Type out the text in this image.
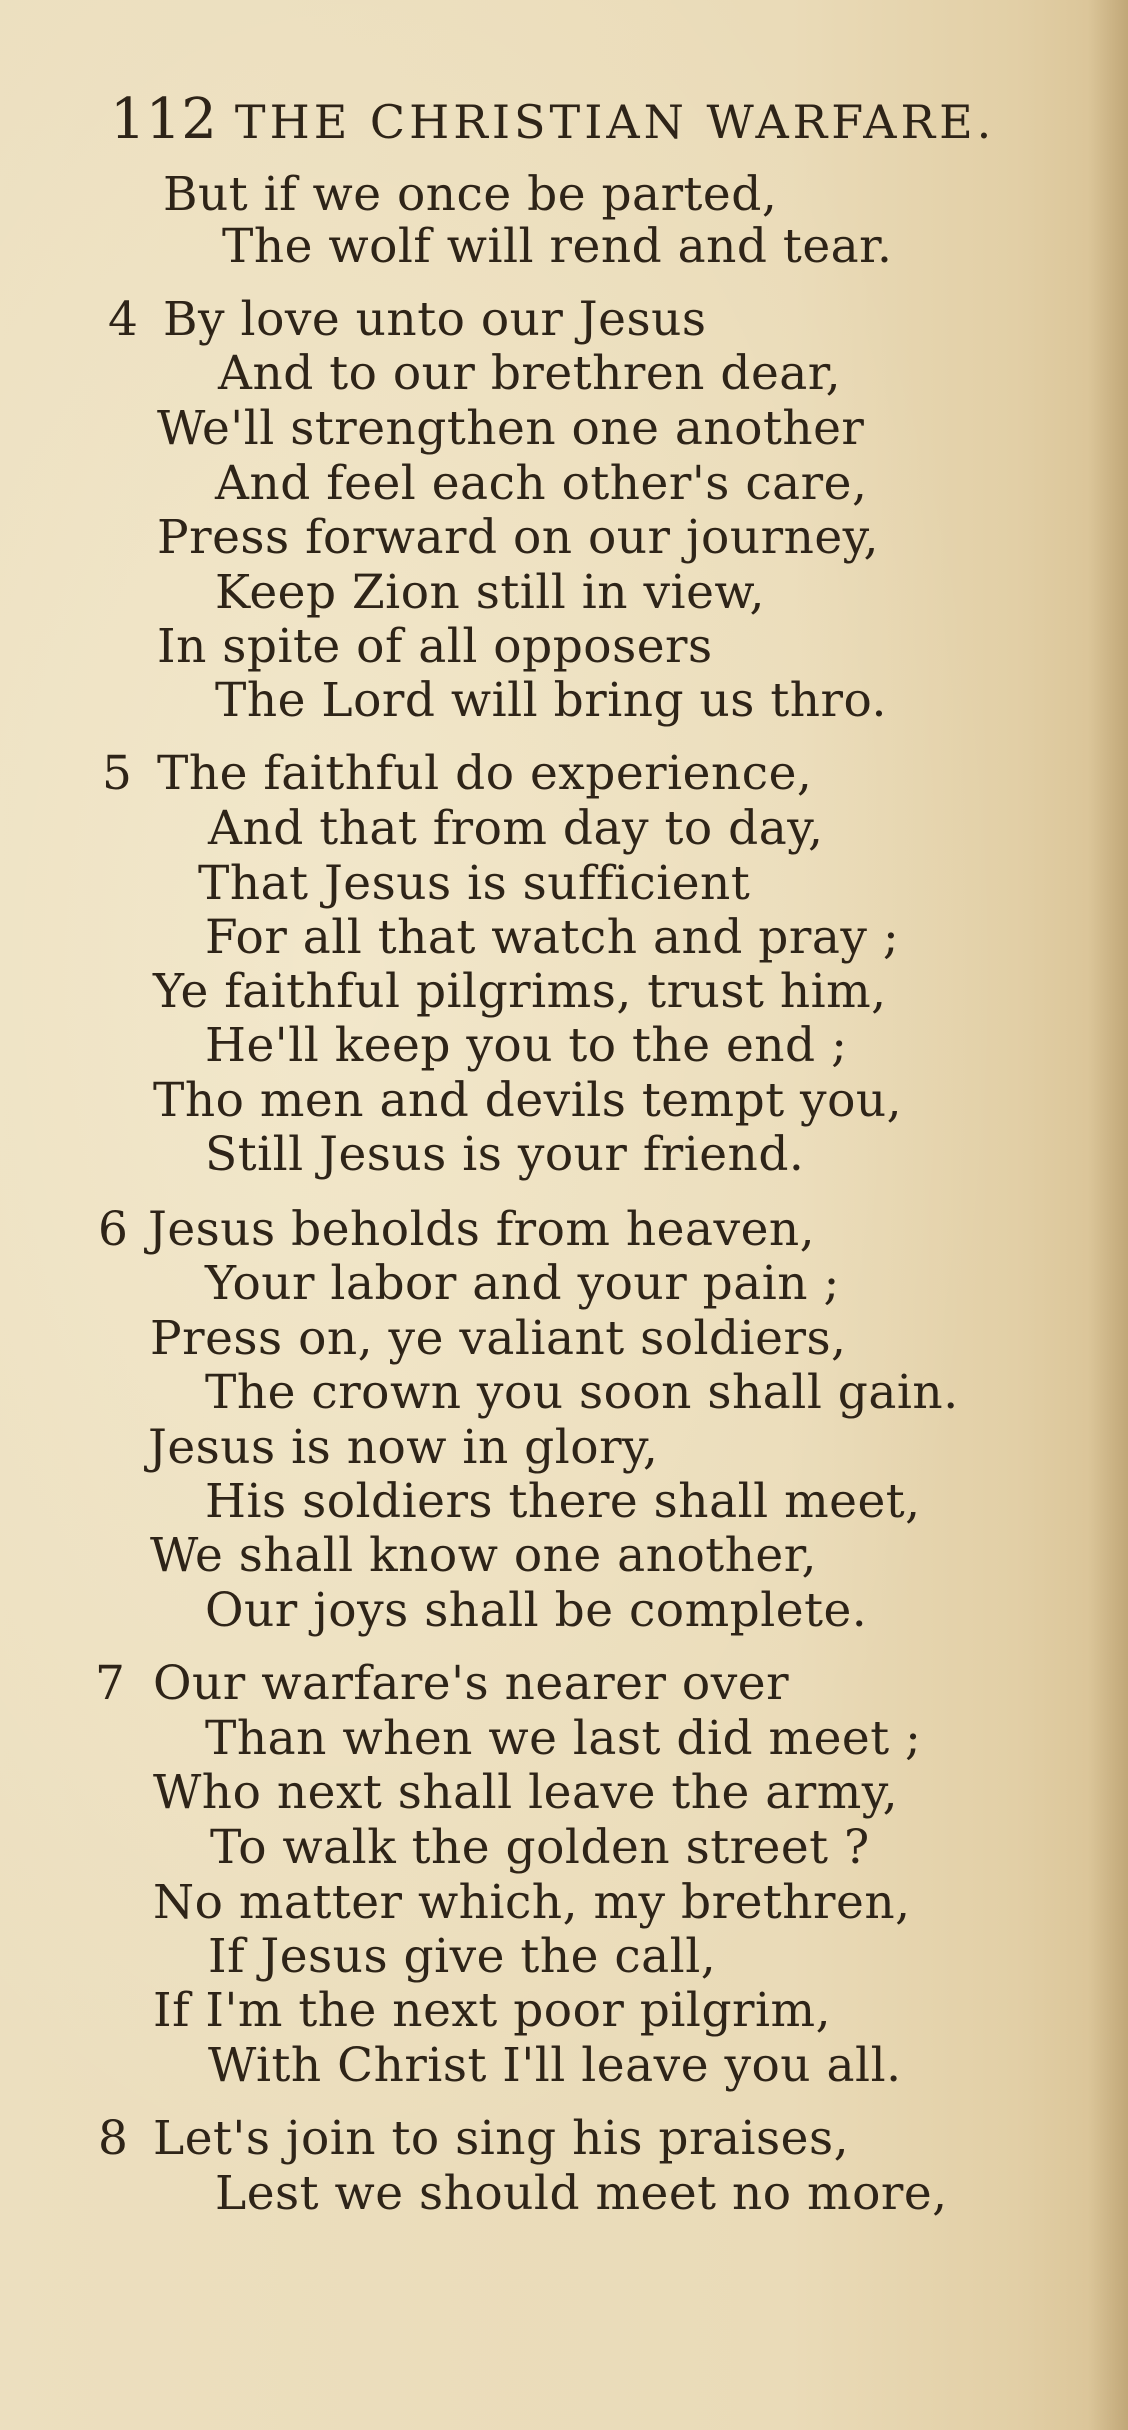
112 THE CHRISTIAN WARFARE.
But if we once be parted,
The wolf will rend and tear.
4 By love unto our Jesus
And to our brethren dear,
We'll strengthen one another
And feel each other's care,
Press forward on our journey,
Keep Zion still in view,
In spite of all opposers
The Lord will bring us thro.
5 The faithful do experience,
And that from day to day,
That Jesus is sufficient
For all that watch and pray ;
Ye faithful pilgrims, trust him,
He'll keep you to the end ;
Tho men and devils tempt you,
Still Jesus is your friend.
6 Jesus beholds from heaven,
Your labor and your pain ;
Press on, ye valiant soldiers,
The crown you soon shall gain.
Jesus is now in glory,
His soldiers there shall meet,
We shall know one another,
Our joys shall be complete.
7 Our warfare's nearer over
Than when we last did meet ;
Who next shall leave the army,
To walk the golden street ?
No matter which, my brethren,
If Jesus give the call,
If I'm the next poor pilgrim,
With Christ I'll leave you all.
8 Let's join to sing his praises,
Lest we should meet no more,
